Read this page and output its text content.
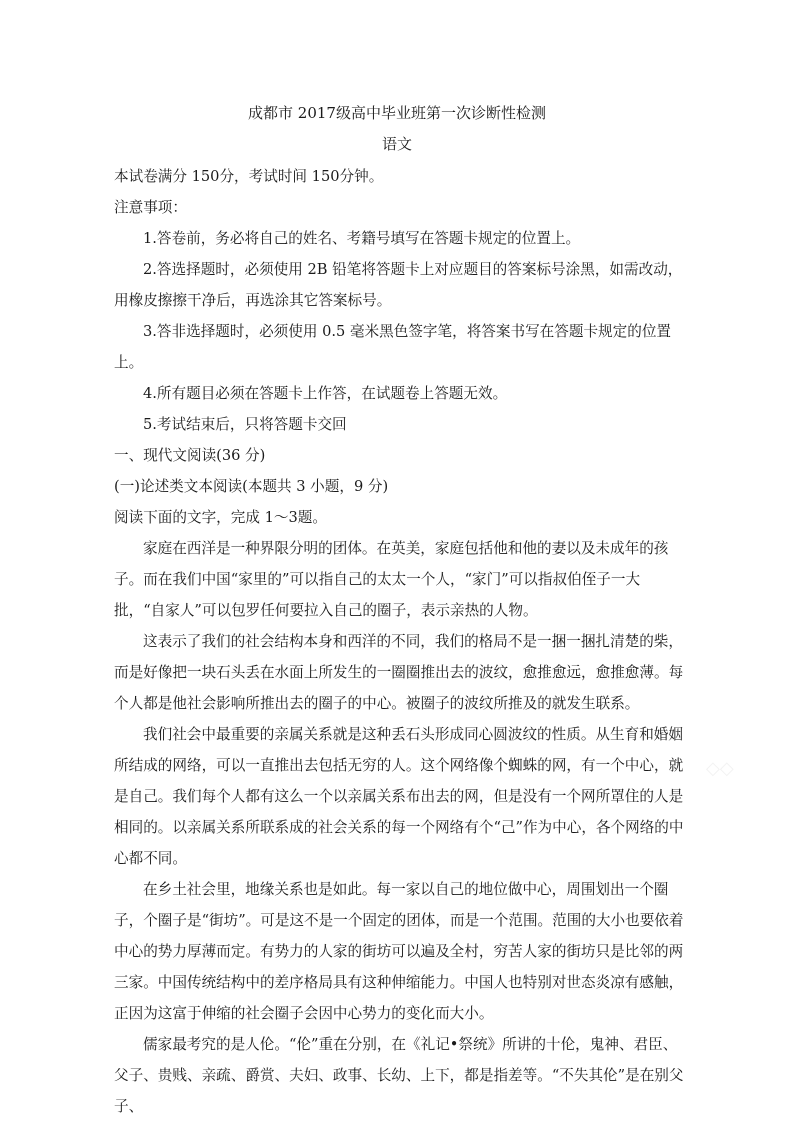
成都市 2017级高中毕业班第一次诊断性检测
语文

本试卷满分 150分，考试时间 150分钟。

注意事项：

1.答卷前，务必将自己的姓名、考籍号填写在答题卡规定的位置上。

2.答选择题时，必须使用 2B 铅笔将答题卡上对应题目的答案标号涂黑，如需改动，用橡皮擦擦干净后，再选涂其它答案标号。

3.答非选择题时，必须使用 0.5 毫米黑色签字笔，将答案书写在答题卡规定的位置上。

4.所有题目必须在答题卡上作答，在试题卷上答题无效。

5.考试结束后，只将答题卡交回

一、现代文阅读(36 分)

(一)论述类文本阅读(本题共 3 小题，9 分)

阅读下面的文字，完成 1～3题。

家庭在西洋是一种界限分明的团体。在英美，家庭包括他和他的妻以及未成年的孩子。而在我们中国“家里的”可以指自己的太太一个人，“家门”可以指叔伯侄子一大批，“自家人”可以包罗任何要拉入自己的圈子，表示亲热的人物。

这表示了我们的社会结构本身和西洋的不同，我们的格局不是一捆一捆扎清楚的柴，而是好像把一块石头丢在水面上所发生的一圈圈推出去的波纹，愈推愈远，愈推愈薄。每个人都是他社会影响所推出去的圈子的中心。被圈子的波纹所推及的就发生联系。

我们社会中最重要的亲属关系就是这种丢石头形成同心圆波纹的性质。从生育和婚姻所结成的网络，可以一直推出去包括无穷的人。这个网络像个蜘蛛的网，有一个中心，就是自己。我们每个人都有这么一个以亲属关系布出去的网，但是没有一个网所罩住的人是相同的。以亲属关系所联系成的社会关系的每一个网络有个“己”作为中心，各个网络的中心都不同。

在乡土社会里，地缘关系也是如此。每一家以自己的地位做中心，周围划出一个圈子，个圈子是“街坊”。可是这不是一个固定的团体，而是一个范围。范围的大小也要依着中心的势力厚薄而定。有势力的人家的街坊可以遍及全村，穷苦人家的街坊只是比邻的两三家。中国传统结构中的差序格局具有这种伸缩能力。中国人也特别对世态炎凉有感触，正因为这富于伸缩的社会圈子会因中心势力的变化而大小。

儒家最考究的是人伦。“伦”重在分别，在《礼记•祭统》所讲的十伦，鬼神、君臣、父子、贵贱、亲疏、爵赏、夫妇、政事、长幼、上下，都是指差等。“不失其伦”是在别父子、

◇◇
